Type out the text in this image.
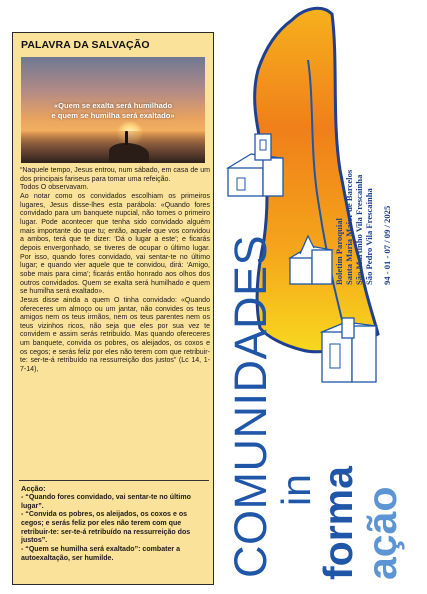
PALAVRA DA SALVAÇÃO
«Quem se exalta será humilhado
e quem se humilha será exaltado»
“Naquele tempo, Jesus entrou, num sábado, em casa de um dos principais fariseus para tomar uma refeição.
Todos O observavam.
Ao notar como os convidados escolhiam os primeiros lugares, Jesus disse-lhes esta parábola: «Quando fores convidado para um banquete nupcial, não tomes o primeiro lugar. Pode acontecer que tenha sido convidado alguém mais importante do que tu; então, aquele que vos convidou a ambos, terá que te dizer: ‘Dá o lugar a este’; e ficarás depois envergonhado, se tiveres de ocupar o último lugar. Por isso, quando fores convidado, vai sentar-te no último lugar; e quando vier aquele que te convidou, dirá: ‘Amigo, sobe mais para cima’; ficarás então honrado aos olhos dos outros convidados. Quem se exalta será humilhado e quem se humilha será exaltado».
Jesus disse ainda a quem O tinha convidado: «Quando ofereceres um almoço ou um jantar, não convides os teus amigos nem os teus irmãos, nem os teus parentes nem os teus vizinhos ricos, não seja que eles por sua vez te convidem e assim serás retribuído. Mas quando ofereceres um banquete, convida os pobres, os aleijados, os coxos e os cegos; e serás feliz por eles não terem com que retribuir-te: ser-te-á retribuído na ressurreição dos justos” (Lc 14, 1-7-14),
Acção:
- “Quando fores convidado, vai sentar-te no último lugar”.
- “Convida os pobres, os aleijados, os coxos e os cegos; e serás feliz por eles não terem com que retribuir-te: ser-te-á retribuído na ressurreição dos justos”.
- “Quem se humilha será exaltado”: combater a autoexaltação, ser humilde.
Boletim Paroquial Santa Maria Maior de Barcelos São Martinho Vila Frescainha São Pedro Vila Frescainha 94 - 01 - 07 / 09 / 2025
COMUNIDADES
in
forma
ação
